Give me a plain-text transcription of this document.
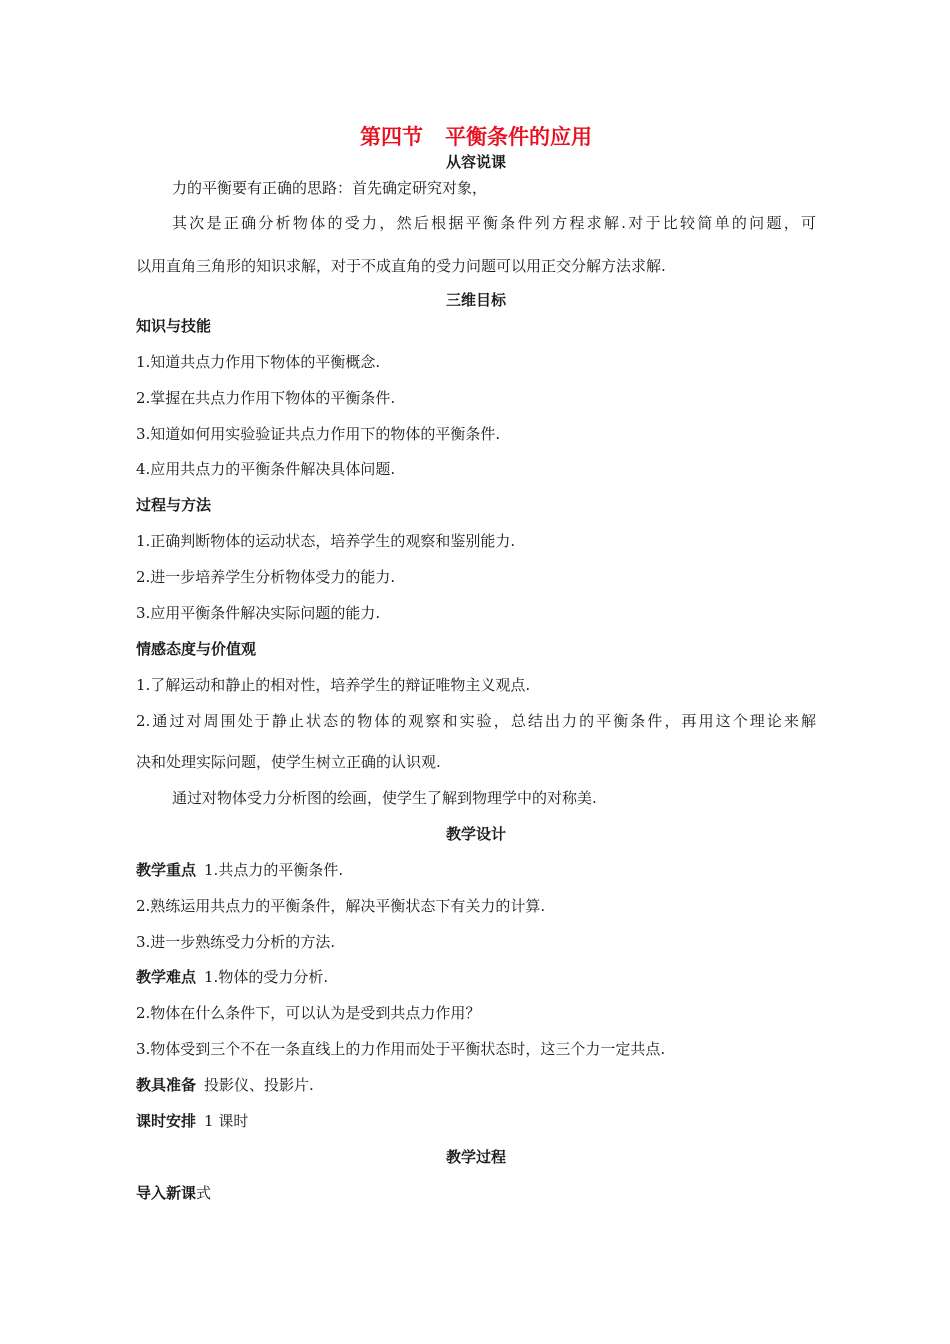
第四节 平衡条件的应用
从容说课
力的平衡要有正确的思路：首先确定研究对象，
其次是正确分析物体的受力，然后根据平衡条件列方程求解.对于比较简单的问题，可
以用直角三角形的知识求解，对于不成直角的受力问题可以用正交分解方法求解.
三维目标
知识与技能
1.知道共点力作用下物体的平衡概念.
2.掌握在共点力作用下物体的平衡条件.
3.知道如何用实验验证共点力作用下的物体的平衡条件.
4.应用共点力的平衡条件解决具体问题.
过程与方法
1.正确判断物体的运动状态，培养学生的观察和鉴别能力.
2.进一步培养学生分析物体受力的能力.
3.应用平衡条件解决实际问题的能力.
情感态度与价值观
1.了解运动和静止的相对性，培养学生的辩证唯物主义观点.
2.通过对周围处于静止状态的物体的观察和实验，总结出力的平衡条件，再用这个理论来解
决和处理实际问题，使学生树立正确的认识观.
通过对物体受力分析图的绘画，使学生了解到物理学中的对称美.
教学设计
教学重点 1.共点力的平衡条件.
2.熟练运用共点力的平衡条件，解决平衡状态下有关力的计算.
3.进一步熟练受力分析的方法.
教学难点 1.物体的受力分析.
2.物体在什么条件下，可以认为是受到共点力作用？
3.物体受到三个不在一条直线上的力作用而处于平衡状态时，这三个力一定共点.
教具准备 投影仪、投影片.
课时安排 1 课时
教学过程
导入新课式
